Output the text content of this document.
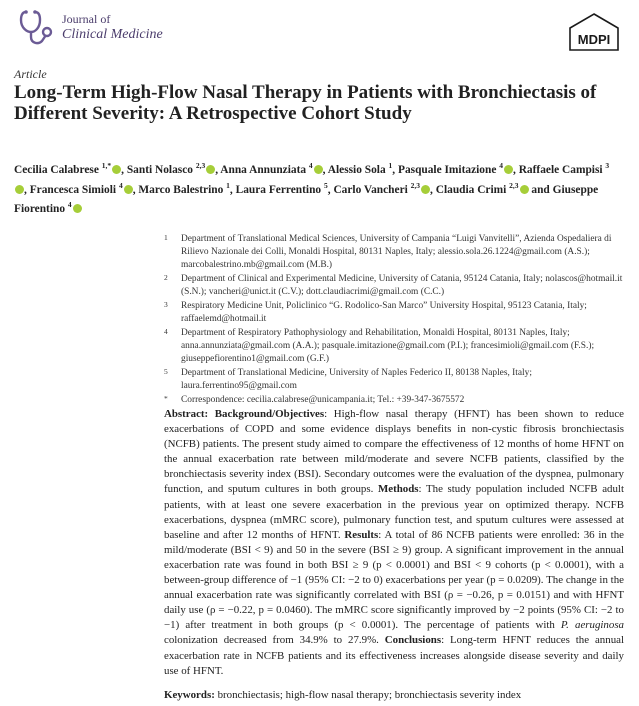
Journal of
Clinical Medicine	MDPI
Article
Long-Term High-Flow Nasal Therapy in Patients with Bronchiectasis of Different Severity: A Retrospective Cohort Study
Cecilia Calabrese $^{1,*}$ , Santi Nolasco $^{2,3}$ , Anna Annunziata $^4$ , Alessio Sola $^1$, Pasquale Imitazione $^4$ , Raffaele Campisi $^3$, Francesca Simioli $^4$ , Marco Balestrino $^1$, Laura Ferrentino $^5$, Carlo Vancheri $^{2,3}$ , Claudia Crimi $^{2,3}$ and Giuseppe Fiorentino $^4$
1 Department of Translational Medical Sciences, University of Campania “Luigi Vanvitelli”, Azienda Ospedaliera di Rilievo Nazionale dei Colli, Monaldi Hospital, 80131 Naples, Italy; alessio.sola.26.1224@gmail.com (A.S.); marcobalestrino.mb@gmail.com (M.B.)
2 Department of Clinical and Experimental Medicine, University of Catania, 95124 Catania, Italy; nolascos@hotmail.it (S.N.); vancheri@unict.it (C.V.); dott.claudiacrimi@gmail.com (C.C.)
3 Respiratory Medicine Unit, Policlinico “G. Rodolico-San Marco” University Hospital, 95123 Catania, Italy; raffaelemd@hotmail.it
4 Department of Respiratory Pathophysiology and Rehabilitation, Monaldi Hospital, 80131 Naples, Italy; anna.annunziata@gmail.com (A.A.); pasquale.imitazione@gmail.com (P.I.); francesimioli@gmail.com (F.S.); giuseppefiorentino1@gmail.com (G.F.)
5 Department of Translational Medicine, University of Naples Federico II, 80138 Naples, Italy; laura.ferrentino95@gmail.com
* Correspondence: cecilia.calabrese@unicampania.it; Tel.: +39-347-3675572
Abstract: Background/Objectives: High-flow nasal therapy (HFNT) has been shown to reduce exacerbations of COPD and some evidence displays benefits in non-cystic fibrosis bronchiectasis (NCFB) patients. The present study aimed to compare the effectiveness of 12 months of home HFNT on the annual exacerbation rate between mild/moderate and severe NCFB patients, classified by the bronchiectasis severity index (BSI). Secondary outcomes were the evaluation of the dyspnea, pulmonary function, and sputum cultures in both groups. Methods: The study population included NCFB adult patients, with at least one severe exacerbation in the previous year on optimized therapy. NCFB exacerbations, dyspnea (mMRC score), pulmonary function test, and sputum cultures were assessed at baseline and after 12 months of HFNT. Results: A total of 86 NCFB patients were enrolled: 36 in the mild/moderate (BSI < 9) and 50 in the severe (BSI ≥ 9) group. A significant improvement in the annual exacerbation rate was found in both BSI ≥ 9 (p < 0.0001) and BSI < 9 cohorts (p < 0.0001), with a between-group difference of −1 (95% CI: −2 to 0) exacerbations per year (p = 0.0209). The change in the annual exacerbation rate was significantly correlated with BSI (ρ = −0.26, p = 0.0151) and with HFNT daily use (ρ = −0.22, p = 0.0460). The mMRC score significantly improved by −2 points (95% CI: −2 to −1) after treatment in both groups (p < 0.0001). The percentage of patients with P. aeruginosa colonization decreased from 34.9% to 27.9%. Conclusions: Long-term HFNT reduces the annual exacerbation rate in NCFB patients and its effectiveness increases alongside disease severity and daily use of HFNT.
Keywords: bronchiectasis; high-flow nasal therapy; bronchiectasis severity index
